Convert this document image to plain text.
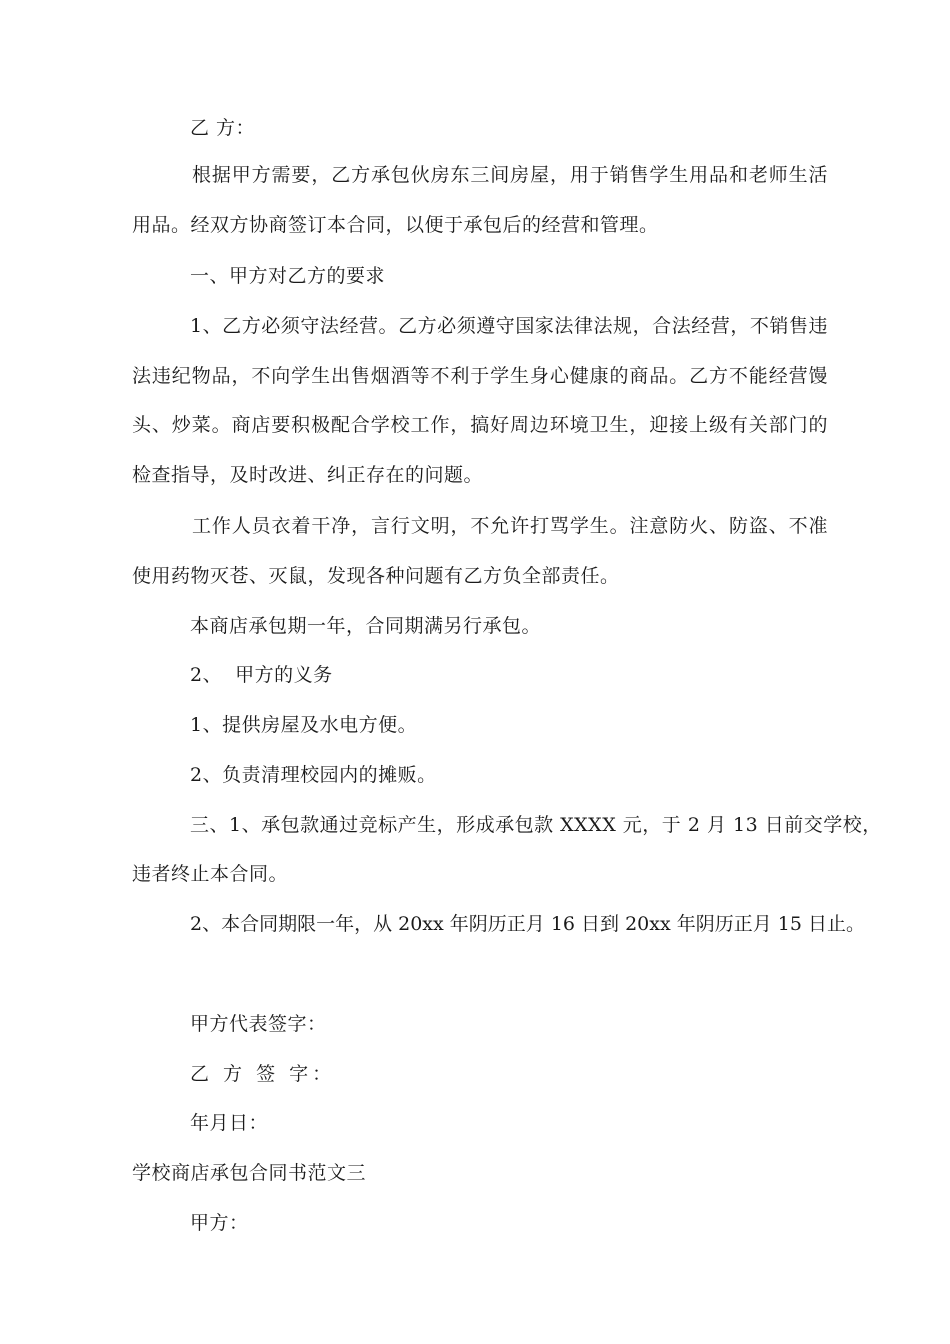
乙 方：
根据甲方需要，乙方承包伙房东三间房屋，用于销售学生用品和老师生活
用品。经双方协商签订本合同，以便于承包后的经营和管理。
一、甲方对乙方的要求
1、乙方必须守法经营。乙方必须遵守国家法律法规，合法经营，不销售违
法违纪物品，不向学生出售烟酒等不利于学生身心健康的商品。乙方不能经营馒
头、炒菜。商店要积极配合学校工作，搞好周边环境卫生，迎接上级有关部门的
检查指导，及时改进、纠正存在的问题。
工作人员衣着干净，言行文明，不允许打骂学生。注意防火、防盗、不准
使用药物灭苍、灭鼠，发现各种问题有乙方负全部责任。
本商店承包期一年，合同期满另行承包。
2、  甲方的义务
1、提供房屋及水电方便。
2、负责清理校园内的摊贩。
三、1、承包款通过竞标产生，形成承包款 XXXX 元，于 2 月 13 日前交学校，
违者终止本合同。
2、本合同期限一年，从 20xx 年阴历正月 16 日到 20xx 年阴历正月 15 日止。
甲方代表签字：
乙 方 签 字：
年月日：
学校商店承包合同书范文三
甲方：
